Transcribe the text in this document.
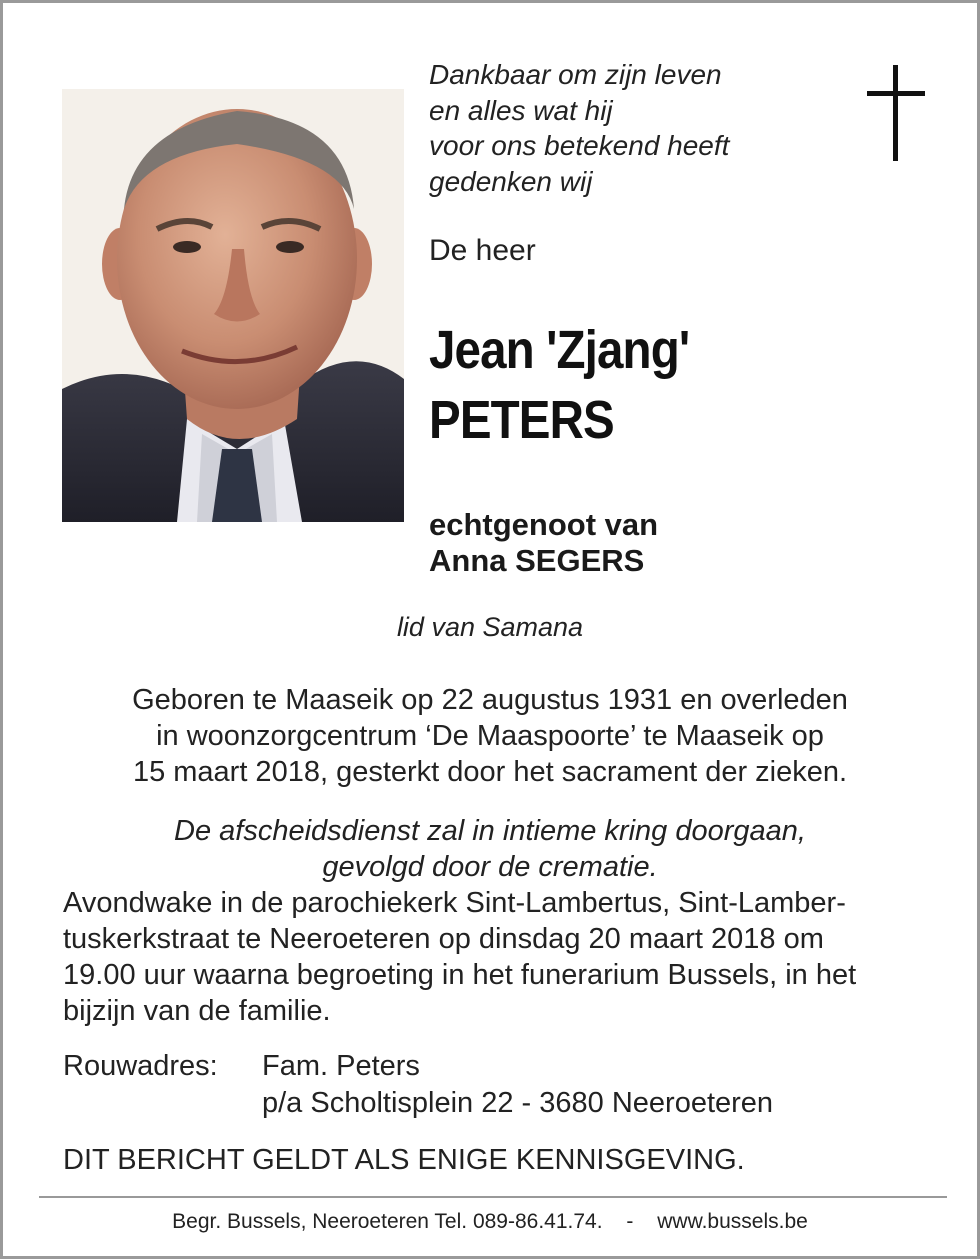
Dankbaar om zijn leven
en alles wat hij
voor ons betekend heeft
gedenken wij
De heer
Jean 'Zjang'
PETERS
echtgenoot van
Anna SEGERS
lid van Samana
Geboren te Maaseik op 22 augustus 1931 en overleden
in woonzorgcentrum ‘De Maaspoorte’ te Maaseik op
15 maart 2018, gesterkt door het sacrament der zieken.
De afscheidsdienst zal in intieme kring doorgaan,
gevolgd door de crematie.
Avondwake in de parochiekerk Sint-Lambertus, Sint-Lamber-
tuskerkstraat te Neeroeteren op dinsdag 20 maart 2018 om
19.00 uur waarna begroeting in het funerarium Bussels, in het
bijzijn van de familie.
Rouwadres:	Fam. Peters
p/a Scholtisplein 22 - 3680 Neeroeteren
DIT BERICHT GELDT ALS ENIGE KENNISGEVING.
Begr. Bussels, Neeroeteren Tel. 089-86.41.74. - www.bussels.be
